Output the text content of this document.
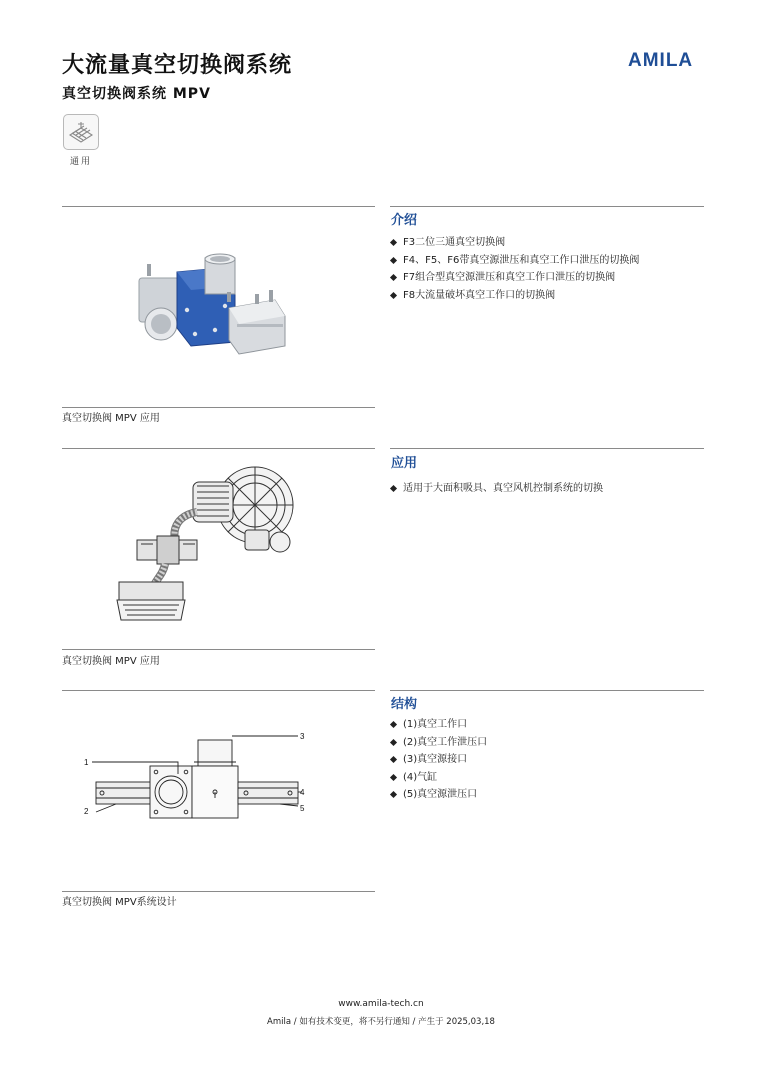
大流量真空切换阀系统
真空切换阀系统 MPV
AMILA
通用
真空切换阀 MPV 应用
介绍
F3二位三通真空切换阀
F4、F5、F6带真空源泄压和真空工作口泄压的切换阀
F7组合型真空源泄压和真空工作口泄压的切换阀
F8大流量破坏真空工作口的切换阀
真空切换阀 MPV 应用
应用
适用于大面积吸具、真空风机控制系统的切换
1
2
3
4
5
真空切换阀 MPV系统设计
结构
(1)真空工作口
(2)真空工作泄压口
(3)真空源接口
(4)气缸
(5)真空源泄压口
www.amila-tech.cn
Amila / 如有技术变更，将不另行通知 / 产生于 2025,03,18
